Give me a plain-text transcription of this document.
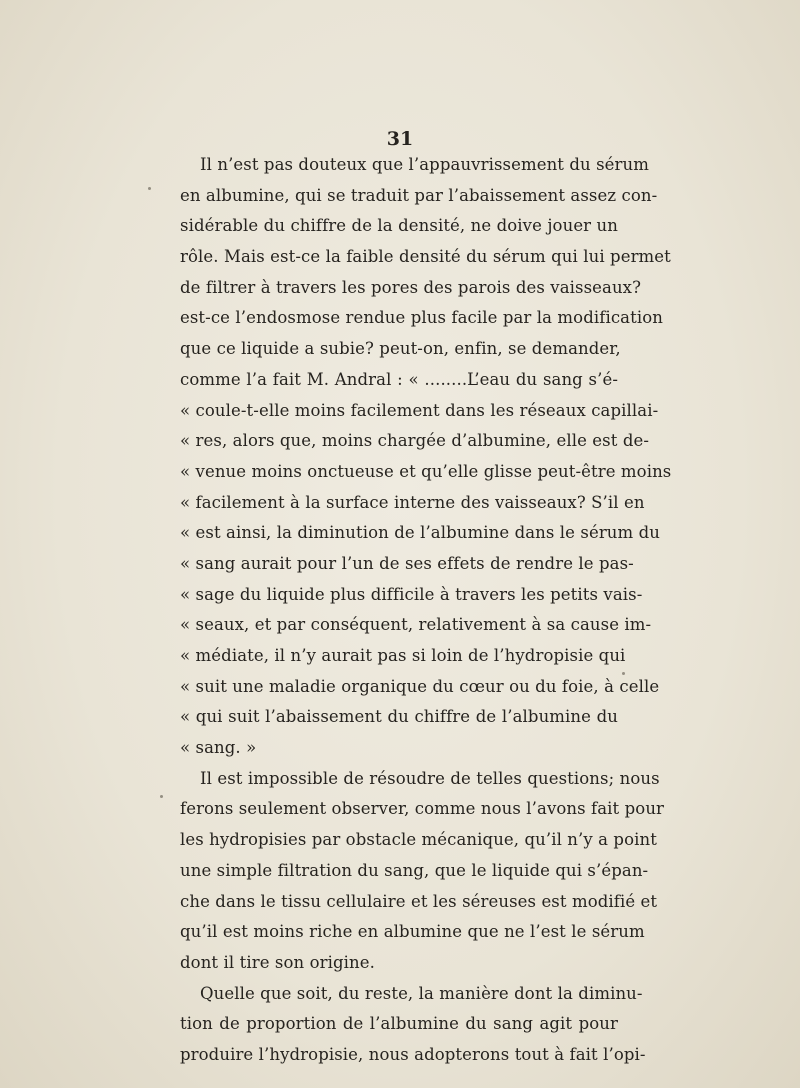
31
Il n’est pas douteux que l’appauvrissement du sérum
en albumine, qui se traduit par l’abaissement assez con-
sidérable du chiffre de la densité, ne doive jouer un
rôle. Mais est-ce la faible densité du sérum qui lui permet
de filtrer à travers les pores des parois des vaisseaux?
est-ce l’endosmose rendue plus facile par la modification
que ce liquide a subie? peut-on, enfin, se demander,
comme l’a fait M. Andral : « ........L’eau du sang s’é-
« coule-t-elle moins facilement dans les réseaux capillai-
« res, alors que, moins chargée d’albumine, elle est de-
« venue moins onctueuse et qu’elle glisse peut-être moins
« facilement à la surface interne des vaisseaux? S’il en
« est ainsi, la diminution de l’albumine dans le sérum du
« sang aurait pour l’un de ses effets de rendre le pas-
« sage du liquide plus difficile à travers les petits vais-
« seaux, et par conséquent, relativement à sa cause im-
« médiate, il n’y aurait pas si loin de l’hydropisie qui
« suit une maladie organique du cœur ou du foie, à celle
« qui suit l’abaissement du chiffre de l’albumine du
« sang. »
Il est impossible de résoudre de telles questions; nous
ferons seulement observer, comme nous l’avons fait pour
les hydropisies par obstacle mécanique, qu’il n’y a point
une simple filtration du sang, que le liquide qui s’épan-
che dans le tissu cellulaire et les séreuses est modifié et
qu’il est moins riche en albumine que ne l’est le sérum
dont il tire son origine.
Quelle que soit, du reste, la manière dont la diminu-
tion de proportion de l’albumine du sang agit pour
produire l’hydropisie, nous adopterons tout à fait l’opi-
